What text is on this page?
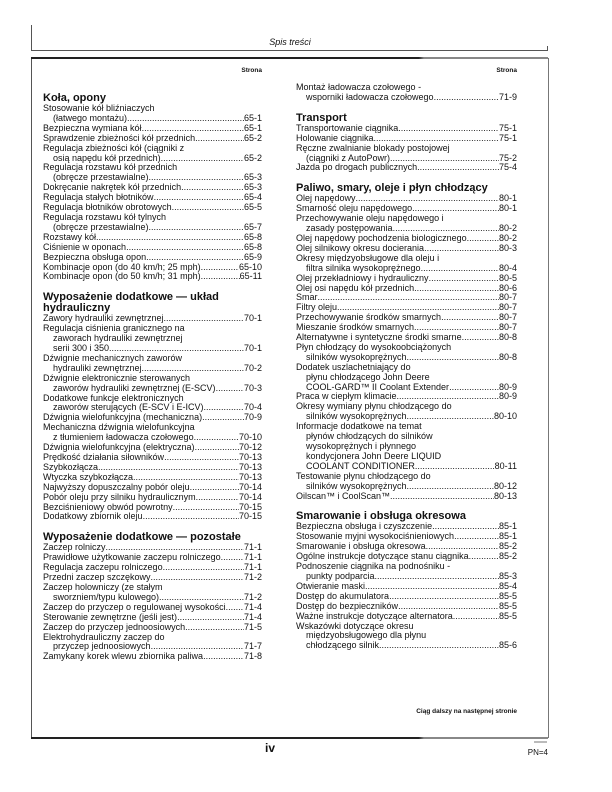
Spis treści
Strona
Koła, opony
Stosowanie kół bliźniaczych
(łatwego montażu) .....	65-1
Bezpieczna wymiana kół .....	65-1
Sprawdzenie zbieżności kół przednich .....	65-2
Regulacja zbieżności kół (ciągniki z
osią napędu kół przednich) .....	65-2
Regulacja rozstawu kół przednich
(obręcze przestawialne) .....	65-3
Dokręcanie nakrętek kół przednich .....	65-3
Regulacja stałych błotników .....	65-4
Regulacja błotników obrotowych .....	65-5
Regulacja rozstawu kół tylnych
(obręcze przestawialne) .....	65-7
Rozstawy kół .....	65-8
Ciśnienie w oponach .....	65-8
Bezpieczna obsługa opon .....	65-9
Kombinacje opon (do 40 km/h; 25 mph) .....	65-10
Kombinacje opon (do 50 km/h; 31 mph) .....	65-11
Wyposażenie dodatkowe — układ hydrauliczny
Zawory hydrauliki zewnętrznej .....	70-1
Regulacja ciśnienia granicznego na
zaworach hydrauliki zewnętrznej
serii 300 i 350 .....	70-1
Dźwignie mechanicznych zaworów
hydrauliki zewnętrznej .....	70-2
Dźwignie elektronicznie sterowanych
zaworów hydrauliki zewnętrznej (E-SCV) .....	70-3
Dodatkowe funkcje elektronicznych
zaworów sterujących (E-SCV i E-ICV) .....	70-4
Dźwignia wielofunkcyjna (mechaniczna) .....	70-9
Mechaniczna dźwignia wielofunkcyjna
z tłumieniem ładowacza czołowego .....	70-10
Dźwignia wielofunkcyjna (elektryczna) .....	70-12
Prędkość działania siłowników .....	70-13
Szybkozłącza .....	70-13
Wtyczka szybkozłącza .....	70-13
Najwyższy dopuszczalny pobór oleju .....	70-14
Pobór oleju przy silniku hydraulicznym .....	70-14
Bezciśnieniowy obwód powrotny .....	70-15
Dodatkowy zbiornik oleju .....	70-15
Wyposażenie dodatkowe — pozostałe
Zaczep rolniczy .....	71-1
Prawidłowe użytkowanie zaczepu rolniczego .....	71-1
Regulacja zaczepu rolniczego .....	71-1
Przedni zaczep szczękowy .....	71-2
Zaczep holowniczy (ze stałym
sworzniem/typu kulowego) .....	71-2
Zaczep do przyczep o regulowanej wysokości ..... 71-4
Sterowanie zewnętrzne (jeśli jest) .....	71-4
Zaczep do przyczep jednoosiowych .....	71-5
Elektrohydrauliczny zaczep do
przyczep jednoosiowych .....	71-7
Zamykany korek wlewu zbiornika paliwa .....	71-8
Strona
Montaż ładowacza czołowego -
wsporniki ładowacza czołowego .....	71-9
Transport
Transportowanie ciągnika .....	75-1
Holowanie ciągnika .....	75-1
Ręczne zwalnianie blokady postojowej
(ciągniki z AutoPowr) .....	75-2
Jazda po drogach publicznych .....	75-4
Paliwo, smary, oleje i płyn chłodzący
Olej napędowy .....	80-1
Smarność oleju napędowego .....	80-1
Przechowywanie oleju napędowego i
zasady postępowania .....	80-2
Olej napędowy pochodzenia biologicznego .....	80-2
Olej silnikowy okresu docierania .....	80-3
Okresy międzyobsługowe dla oleju i
filtra silnika wysokoprężnego .....	80-4
Olej przekładniowy i hydrauliczny .....	80-5
Olej osi napędu kół przednich .....	80-6
Smar .....	80-7
Filtry oleju .....	80-7
Przechowywanie środków smarnych .....	80-7
Mieszanie środków smarnych .....	80-7
Alternatywne i syntetyczne środki smarne .....	80-8
Płyn chłodzący do wysokoobciążonych
silników wysokoprężnych .....	80-8
Dodatek uszlachetniający do
płynu chłodzącego John Deere
COOL-GARD™ II Coolant Extender .....	80-9
Praca w ciepłym klimacie .....	80-9
Okresy wymiany płynu chłodzącego do
silników wysokoprężnych .....	80-10
Informacje dodatkowe na temat
płynów chłodzących do silników
wysokoprężnych i płynnego
kondycjonera John Deere LIQUID
COOLANT CONDITIONER .....	80-11
Testowanie płynu chłodzącego do
silników wysokoprężnych .....	80-12
Oilscan™ i CoolScan™ .....	80-13
Smarowanie i obsługa okresowa
Bezpieczna obsługa i czyszczenie .....	85-1
Stosowanie myjni wysokociśnieniowych .....	85-1
Smarowanie i obsługa okresowa .....	85-2
Ogólne instrukcje dotyczące stanu ciągnika .....	85-2
Podnoszenie ciągnika na podnośniku -
punkty podparcia .....	85-3
Otwieranie maski .....	85-4
Dostęp do akumulatora .....	85-5
Dostęp do bezpieczników .....	85-5
Ważne instrukcje dotyczące alternatora .....	85-5
Wskazówki dotyczące okresu
międzyobsługowego dla płynu
chłodzącego silnik .....	85-6
Ciąg dalszy na następnej stronie
iv	PN=4
